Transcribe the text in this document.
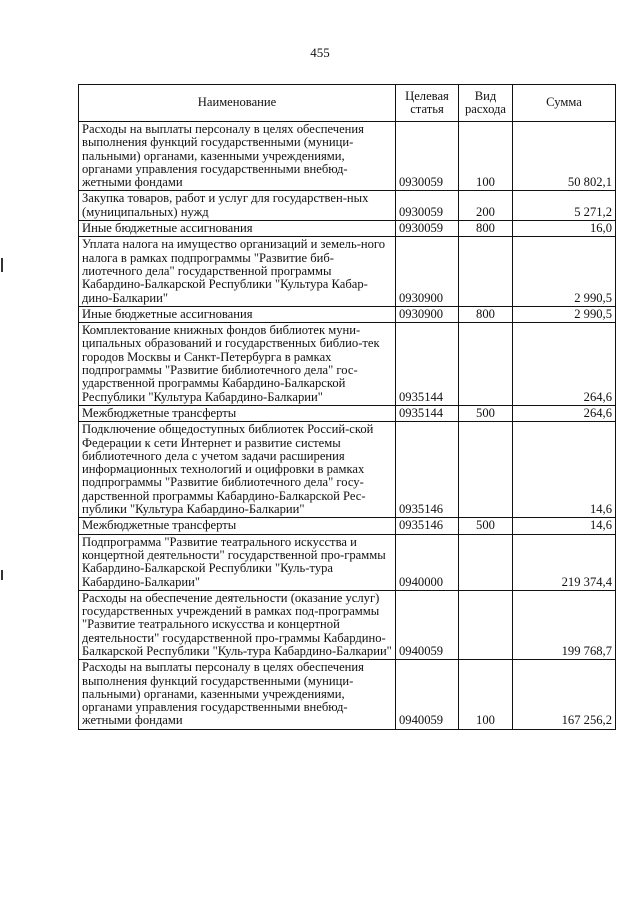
455
Наименование	Целевая статья	Вид расхода	Сумма
Расходы на выплаты персоналу в целях обеспечения выполнения функций государственными (муници-пальными) органами, казенными учреждениями, органами управления государственными внебюд-жетными фондами	0930059	100	50 802,1
Закупка товаров, работ и услуг для государствен-ных (муниципальных) нужд	0930059	200	5 271,2
Иные бюджетные ассигнования	0930059	800	16,0
Уплата налога на имущество организаций и земель-ного налога в рамках подпрограммы "Развитие биб-лиотечного дела" государственной программы Кабардино-Балкарской Республики "Культура Кабар-дино-Балкарии"	0930900		2 990,5
Иные бюджетные ассигнования	0930900	800	2 990,5
Комплектование книжных фондов библиотек муни-ципальных образований и государственных библио-тек городов Москвы и Санкт-Петербурга в рамках подпрограммы "Развитие библиотечного дела" гос-ударственной программы Кабардино-Балкарской Республики "Культура Кабардино-Балкарии"	0935144		264,6
Межбюджетные трансферты	0935144	500	264,6
Подключение общедоступных библиотек Россий-ской Федерации к сети Интернет и развитие системы библиотечного дела с учетом задачи расширения информационных технологий и оцифровки в рамках подпрограммы "Развитие библиотечного дела" госу-дарственной программы Кабардино-Балкарской Рес-публики "Культура Кабардино-Балкарии"	0935146		14,6
Межбюджетные трансферты	0935146	500	14,6
Подпрограмма "Развитие театрального искусства и концертной деятельности" государственной про-граммы Кабардино-Балкарской Республики "Куль-тура Кабардино-Балкарии"	0940000		219 374,4
Расходы на обеспечение деятельности (оказание услуг) государственных учреждений в рамках под-программы "Развитие театрального искусства и концертной деятельности" государственной про-граммы Кабардино-Балкарской Республики "Куль-тура Кабардино-Балкарии"	0940059		199 768,7
Расходы на выплаты персоналу в целях обеспечения выполнения функций государственными (муници-пальными) органами, казенными учреждениями, органами управления государственными внебюд-жетными фондами	0940059	100	167 256,2
